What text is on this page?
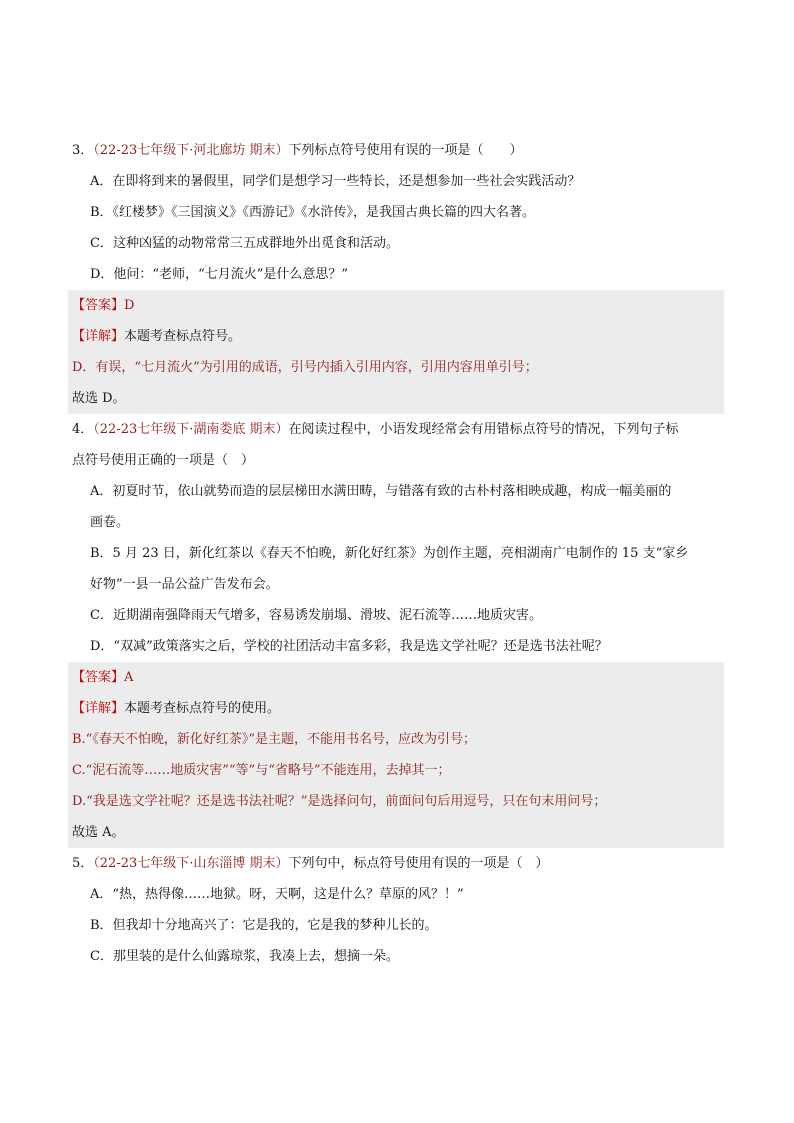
3．（22-23七年级下·河北廊坊 期末）下列标点符号使用有误的一项是（　　）
A．在即将到来的暑假里，同学们是想学习一些特长，还是想参加一些社会实践活动？
B．《红楼梦》《三国演义》《西游记》《水浒传》，是我国古典长篇的四大名著。
C．这种凶猛的动物常常三五成群地外出觅食和活动。
D．他问：“老师，“七月流火”是什么意思？”
【答案】D
【详解】本题考查标点符号。
D．有误，“七月流火”为引用的成语，引号内插入引用内容，引用内容用单引号；
故选 D。
4．（22-23七年级下·湖南娄底 期末）在阅读过程中，小语发现经常会有用错标点符号的情况，下列句子标
点符号使用正确的一项是（　）
A．初夏时节，依山就势而造的层层梯田水满田畴，与错落有致的古朴村落相映成趣，构成一幅美丽的
画卷。
B．5 月 23 日，新化红茶以《春天不怕晚，新化好红茶》为创作主题，亮相湖南广电制作的 15 支“家乡
好物”一县一品公益广告发布会。
C．近期湖南强降雨天气增多，容易诱发崩塌、滑坡、泥石流等……地质灾害。
D．“双减”政策落实之后，学校的社团活动丰富多彩，我是选文学社呢？还是选书法社呢？
【答案】A
【详解】本题考查标点符号的使用。
B.“《春天不怕晚，新化好红茶》”是主题，不能用书名号，应改为引号；
C.“泥石流等……地质灾害”“等”与“省略号”不能连用，去掉其一；
D.“我是选文学社呢？还是选书法社呢？”是选择问句，前面问句后用逗号，只在句末用问号；
故选 A。
5．（22-23七年级下·山东淄博 期末）下列句中，标点符号使用有误的一项是（　）
A．“热，热得像……地狱。呀，天啊，这是什么？草原的风？！”
B．但我却十分地高兴了：它是我的，它是我的梦种儿长的。
C．那里装的是什么仙露琼浆，我凑上去，想摘一朵。
